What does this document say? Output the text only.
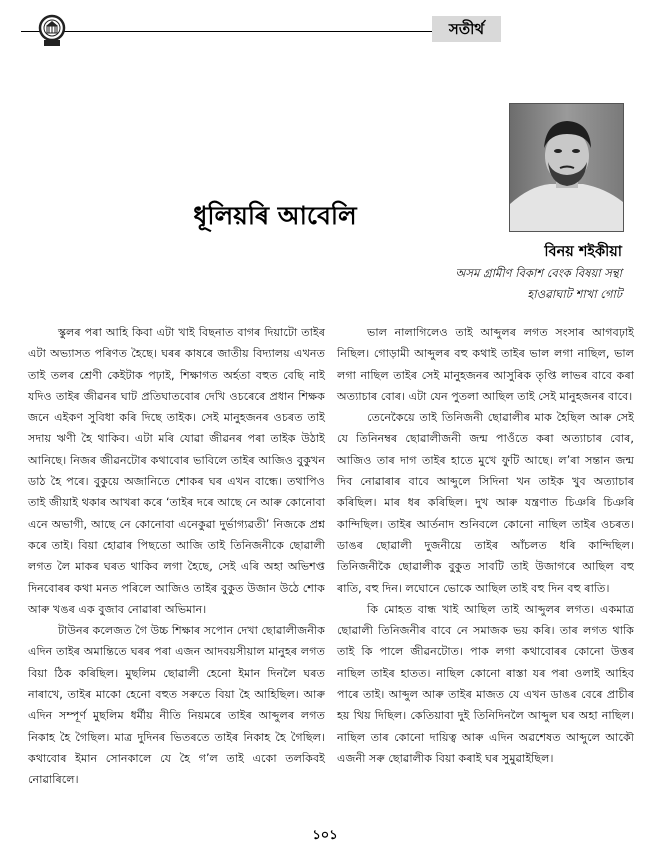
সতীৰ্থ
ধূলিয়ৰি আবেলি
বিনয় শইকীয়া
অসম গ্ৰামীণ বিকাশ বেংক বিষয়া সন্থা
হাওৱাঘাট শাখা গোট

স্কুলৰ পৰা আহি কিবা এটা খাই বিছনাত বাগৰ দিয়াটো তাইৰ এটা অভ্যাসত পৰিণত হৈছে। ঘৰৰ কাষৰে জাতীয় বিদ্যালয় এখনত তাই তলৰ শ্ৰেণী কেইটাক পঢ়াই, শিক্ষাগত অৰ্হতা বহুত বেছি নাই যদিও তাইৰ জীৱনৰ ঘাট প্ৰতিঘাতবোৰ দেখি ওচৰেৰে প্ৰধান শিক্ষক জনে এইকণ সুবিধা কৰি দিছে তাইক। সেই মানুহজনৰ ওচৰত তাই সদায় ঋণী হৈ থাকিব। এটা মৰি যোৱা জীৱনৰ পৰা তাইক উঠাই আনিছে। নিজৰ জীৱনটোৰ কথাবোৰ ভাবিলে তাইৰ আজিও বুকুখন ডাঠ হৈ পৰে। বুকুয়ে অজানিতে শোকৰ ঘৰ এখন বান্ধে। তথাপিও তাই জীয়াই থকাৰ আখৰা কৰে ‘তাইৰ দৰে আছে নে আৰু কোনোবা এনে অভাগী, আছে নে কোনোবা এনেকুৱা দুৰ্ভাগ্যৱতী’ নিজকে প্ৰশ্ন কৰে তাই। বিয়া হোৱাৰ পিছতো আজি তাই তিনিজনীকে ছোৱালী লগত লৈ মাকৰ ঘৰত থাকিব লগা হৈছে, সেই এৰি অহা অভিশপ্ত দিনবোৰৰ কথা মনত পৰিলে আজিও তাইৰ বুকুত উজান উঠে শোক আৰু খঙৰ এক বুজাব নোৱাৰা অভিমান।

টাউনৰ কলেজত গৈ উচ্চ শিক্ষাৰ সপোন দেখা ছোৱালীজনীক এদিন তাইৰ অমান্তিতে ঘৰৰ পৰা এজন আদবয়সীয়াল মানুহৰ লগত বিয়া ঠিক কৰিছিল। মুছলিম ছোৱালী হেনো ইমান দিনলৈ ঘৰত নাৰাখে, তাইৰ মাকো হেনো বহুত সৰুতে বিয়া হৈ আহিছিল। আৰু এদিন সম্পূৰ্ণ মুছলিম ধৰ্মীয় নীতি নিয়মৰে তাইৰ আব্দুলৰ লগত নিকাহ হৈ গৈছিল। মাত্ৰ দুদিনৰ ভিতৰতে তাইৰ নিকাহ হৈ গৈছিল। কথাবোৰ ইমান সোনকালে যে হৈ গ’ল তাই একো তলকিবই নোৱাৰিলে।

ভাল নালাগিলেও তাই আব্দুলৰ লগত সংসাৰ আগবঢ়াই নিছিল। গোড়ামী আব্দুলৰ বহু কথাই তাইৰ ভাল লগা নাছিল, ভাল লগা নাছিল তাইৰ সেই মানুহজনৰ আসুৰিক তৃপ্তি লাভৰ বাবে কৰা অত্যাচাৰ বোৰ। এটা যেন পুতলা আছিল তাই সেই মানুহজনৰ বাবে।

তেনেকৈয়ে তাই তিনিজনী ছোৱালীৰ মাক হৈছিল আৰু সেই যে তিনিনম্বৰ ছোৱালীজনী জন্ম পাওঁতে কৰা অত্যাচাৰ বোৰ, আজিও তাৰ দাগ তাইৰ হাতে মুখে ফুটি আছে। ল’ৰা সন্তান জন্ম দিব নোৱাৰাৰ বাবে আব্দুলে সিদিনা খন তাইক খুব অত্যাচাৰ কৰিছিল। মাৰ ধৰ কৰিছিল। দুখ আৰু যন্ত্ৰণাত চিঞৰি চিঞৰি কান্দিছিল। তাইৰ আৰ্তনাদ শুনিবলে কোনো নাছিল তাইৰ ওচৰত। ডাঙৰ ছোৱালী দুজনীয়ে তাইৰ আঁচলত ধৰি কান্দিছিল। তিনিজনীকৈ ছোৱালীক বুকুত সাবটি তাই উজাগৰে আছিল বহু ৰাতি, বহু দিন। লঘোনে ভোকে আছিল তাই বহু দিন বহু ৰাতি।

কি মোহত বান্ধ খাই আছিল তাই আব্দুলৰ লগত। একমাত্ৰ ছোৱালী তিনিজনীৰ বাবে নে সমাজক ভয় কৰি। তাৰ লগত থাকি তাই কি পালে জীৱনটোত। পাক লগা কথাবোৰৰ কোনো উত্তৰ নাছিল তাইৰ হাতত। নাছিল কোনো ৰাস্তা যৰ পৰা ওলাই আহিব পাৰে তাই। আব্দুল আৰু তাইৰ মাজত যে এখন ডাঙৰ বেৰে প্ৰাচীৰ হয় থিয় দিছিল। কেতিয়াবা দুই তিনিদিনলৈ আব্দুল ঘৰ অহা নাছিল। নাছিল তাৰ কোনো দায়িত্ব আৰু এদিন অৱশেষত আব্দুলে আকৌ এজনী সৰু ছোৱালীক বিয়া কৰাই ঘৰ সুমুৱাইছিল।

১০১
